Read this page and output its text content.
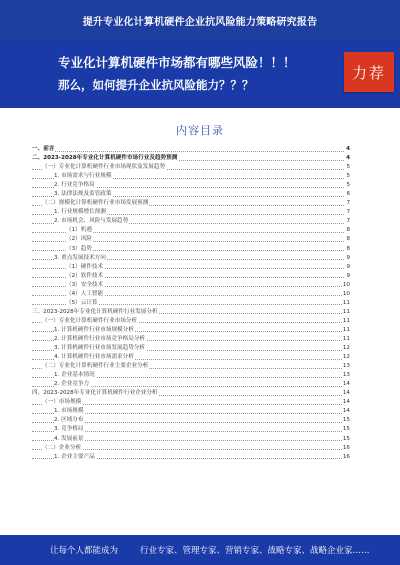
提升专业化计算机硬件企业抗风险能力策略研究报告
专业化计算机硬件市场都有哪些风险！！！
那么，如何提升企业抗风险能力？？？
力荐
内容目录
一、前言	4
二、2023-2028年专业化计算机硬件市场行业及趋势预测	4
（一）专业化计算机硬件行业市场现状及发展趋势	5
1. 市场需求与行业规模	5
2. 行业竞争格局	5
3. 法律法规及监管政策	6
（二）规模化计算机硬件行业市场发展预测	7
1. 行业规模增长预测	7
2. 市场机会、风险与发展趋势	7
（1）机遇	8
（2）风险	8
（3）趋势	8
3. 重点发展技术方向	9
（1）硬件技术	9
（2）软件技术	9
（3）安全技术	10
（4）人工智能	10
（5）云计算	11
三、2023-2028年专业化计算机硬件行业发展分析	11
（一）专业化计算机硬件行业市场分析	11
1. 计算机硬件行业市场规模分析	11
2. 计算机硬件行业市场竞争格局分析	11
3. 计算机硬件行业市场发展趋势分析	12
4. 计算机硬件行业市场需求分析	12
（二）专业化计算机硬件行业主要企业分析	13
1. 企业基本情况	13
2. 企业竞争力	14
四、2023-2028年专业化计算机硬件行业企业分析	14
（一）市场规模	14
1. 市场规模	14
2. 区域分布	15
3. 竞争格局	15
4. 发展前景	15
（二）企业分析	16
1. 企业主要产品	16
让每个人都能成为	行业专家、管理专家、营销专家、战略专家、战略企业家……
